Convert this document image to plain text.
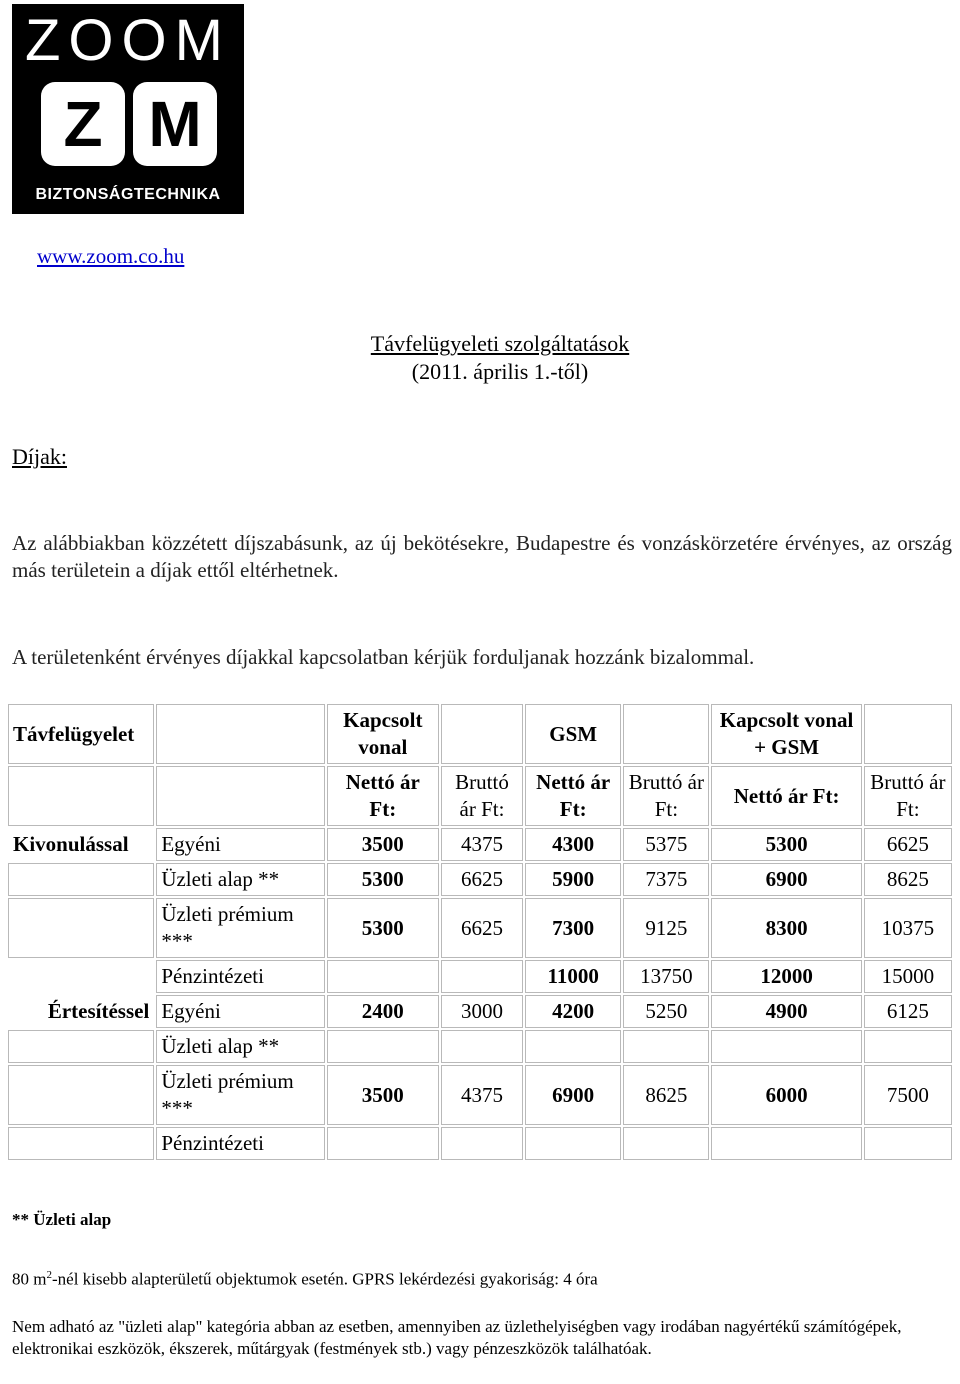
ZOOM
Z M
BIZTONSÁGTECHNIKA
www.zoom.co.hu
Távfelügyeleti szolgáltatások
(2011. április 1.-től)
Díjak:
Az alábbiakban közzétett díjszabásunk, az új bekötésekre, Budapestre és vonzáskörzetére érvényes, az ország más területein a díjak ettől eltérhetnek.
A területenként érvényes díjakkal kapcsolatban kérjük forduljanak hozzánk bizalommal.
Távfelügyelet		Kapcsolt vonal		GSM		Kapcsolt vonal + GSM	
		Nettó ár Ft:	Bruttó ár Ft:	Nettó ár Ft:	Bruttó ár Ft:	Nettó ár Ft:	Bruttó ár Ft:
Kivonulással	Egyéni	3500	4375	4300	5375	5300	6625
	Üzleti alap **	5300	6625	5900	7375	6900	8625
	Üzleti prémium ***	5300	6625	7300	9125	8300	10375
	Pénzintézeti			11000	13750	12000	15000
Értesítéssel	Egyéni	2400	3000	4200	5250	4900	6125
	Üzleti alap **						
	Üzleti prémium ***	3500	4375	6900	8625	6000	7500
	Pénzintézeti						
** Üzleti alap
80 $m^2$-nél kisebb alapterületű objektumok esetén. GPRS lekérdezési gyakoriság: 4 óra
Nem adható az "üzleti alap" kategória abban az esetben, amennyiben az üzlethelyiségben vagy irodában nagyértékű számítógépek, elektronikai eszközök, ékszerek, műtárgyak (festmények stb.) vagy pénzeszközök találhatóak.
